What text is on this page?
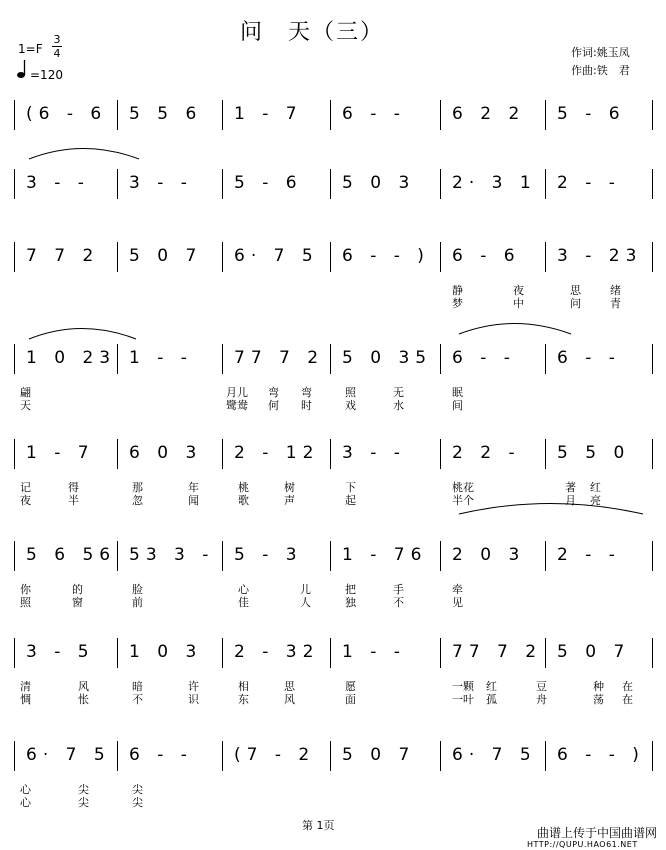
问　天（三）
1=F
3
4
=120
作词:姚玉凤
作曲:铁　君
(6 - 6 5 5 6 1 - 7 6 - -	6 2 2 5 - 6
3 - - 3 - - 5 - 6 5 0 3 2· 3 1 2 - -
7 7 2 5 0 7 6· 7 5 6 - - ) 6 - 6 3 - 23
静	夜	思	绪
梦	中	问	青
1 0 23 1 - - 77 7 2 5 0 35 6 - - 6 - -
翩	月儿 弯 弯	照	无	眠
天	鹭鸯 何 时	戏	水	间
1 - 7 6 0 3 2 - 12 3 - -	2 2 - 5 5 0
记	得	那	年	桃	树	下	桃花	著 红
夜	半	忽	闻	歌	声	起	半个	月 亮
5 6 56 53 3 - 5 - 3 1 - 76 2 0 3 2 - -
你	的	脸	心	儿	把	手	牵
照	窗	前	佳	人	独	不	见
3 - 5 1 0 3 2 - 32 1 - -	77 7 2 5 0 7
清	风	暗	许	相	思	愿	一颗 红	豆	种 在
惆	怅	不	识	东	风	面	一叶 孤	舟	荡 在
6· 7 5 6 - - (7 - 2 5 0 7 6· 7 5 6 - - )
心	尖	尖
心	尖	尖
第 1页
曲谱上传于中国曲谱网
HTTP://QUPU.HAO61.NET
